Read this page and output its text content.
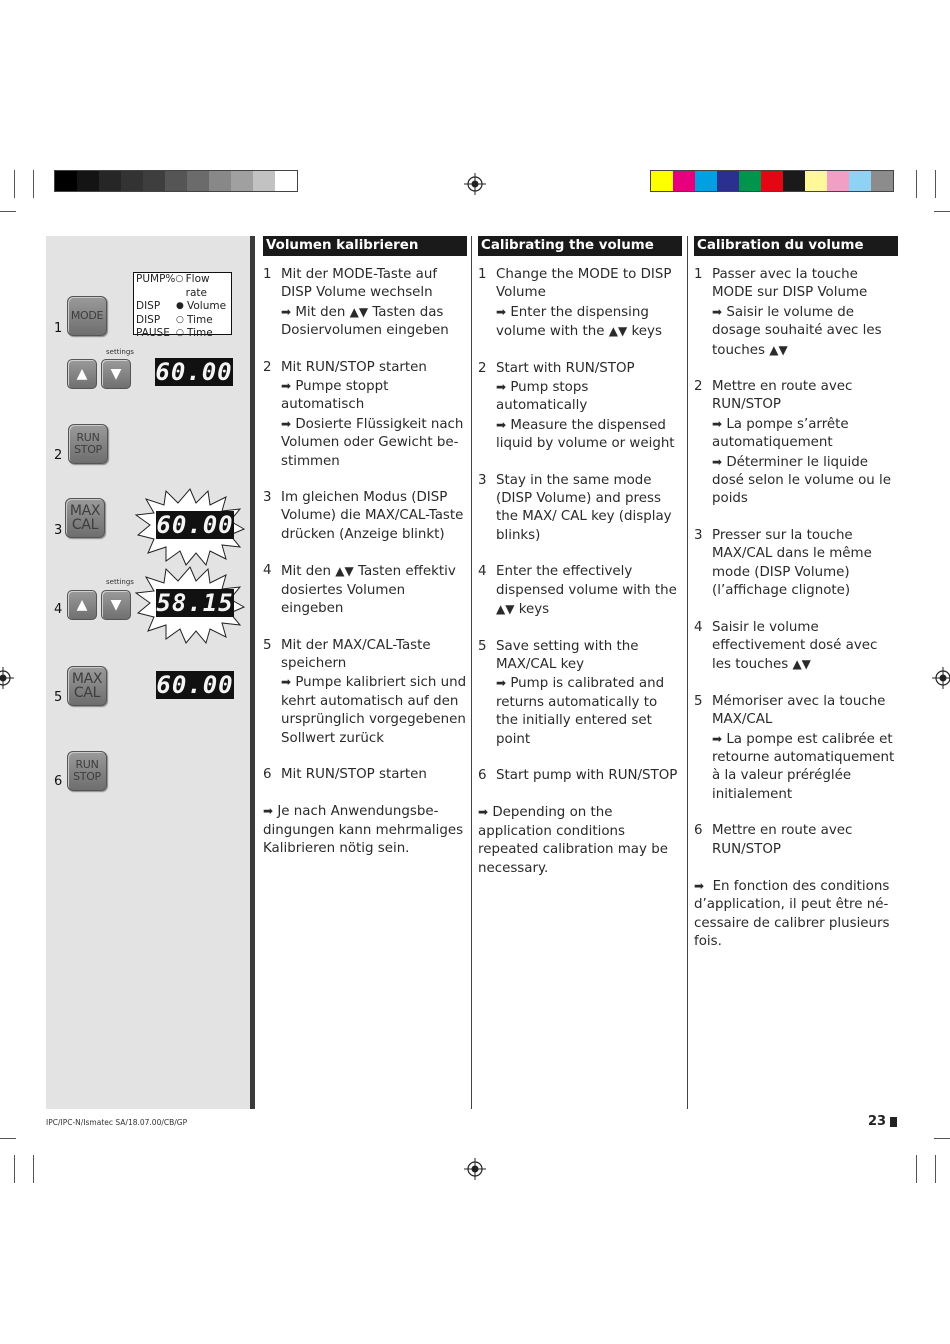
1
MODE
PUMP% ○ Flow rate
DISP	● Volume
DISP	○ Time
PAUSE ○ Time
settings
▲ ▼ 60.00
2
RUN
STOP
3
MAX
CAL 60.00
settings
4 ▲ ▼ 58.15
5
MAX
CAL 60.00
6
RUN
STOP
Volumen kalibrieren
1 Mit der MODE-Taste auf DISP Volume wechseln
➡ Mit den ▲▼ Tasten das Dosiervolumen eingeben
2 Mit RUN/STOP starten
➡ Pumpe stoppt automatisch
➡ Dosierte Flüssigkeit nach Volumen oder Gewicht be-stimmen
3 Im gleichen Modus (DISP Volume) die MAX/CAL-Taste drücken (Anzeige blinkt)
4 Mit den ▲▼ Tasten effektiv dosiertes Volumen eingeben
5 Mit der MAX/CAL-Taste speichern
➡ Pumpe kalibriert sich und kehrt automatisch auf den ursprünglich vorgegebenen Sollwert zurück
6 Mit RUN/STOP starten
➡ Je nach Anwendungsbe-dingungen kann mehrmaliges Kalibrieren nötig sein.
Calibrating the volume
1 Change the MODE to DISP Volume
➡ Enter the dispensing volume with the ▲▼ keys
2 Start with RUN/STOP
➡ Pump stops automatically
➡ Measure the dispensed liquid by volume or weight
3 Stay in the same mode (DISP Volume) and press the MAX/ CAL key (display blinks)
4 Enter the effectively dispensed volume with the ▲▼ keys
5 Save setting with the MAX/CAL key
➡ Pump is calibrated and returns automatically to the initially entered set point
6 Start pump with RUN/STOP
➡ Depending on the application conditions repeated calibration may be necessary.
Calibration du volume
1 Passer avec la touche MODE sur DISP Volume
➡ Saisir le volume de dosage souhaité avec les touches ▲▼
2 Mettre en route avec RUN/STOP
➡ La pompe s’arrête automatiquement
➡ Déterminer le liquide dosé selon le volume ou le poids
3 Presser sur la touche MAX/CAL dans le même mode (DISP Volume) (l’affichage clignote)
4 Saisir le volume effectivement dosé avec les touches ▲▼
5 Mémoriser avec la touche MAX/CAL
➡ La pompe est calibrée et retourne automatiquement à la valeur préréglée initialement
6 Mettre en route avec RUN/STOP
➡ En fonction des conditions d’application, il peut être né-cessaire de calibrer plusieurs fois.
IPC/IPC-N/Ismatec SA/18.07.00/CB/GP	23
